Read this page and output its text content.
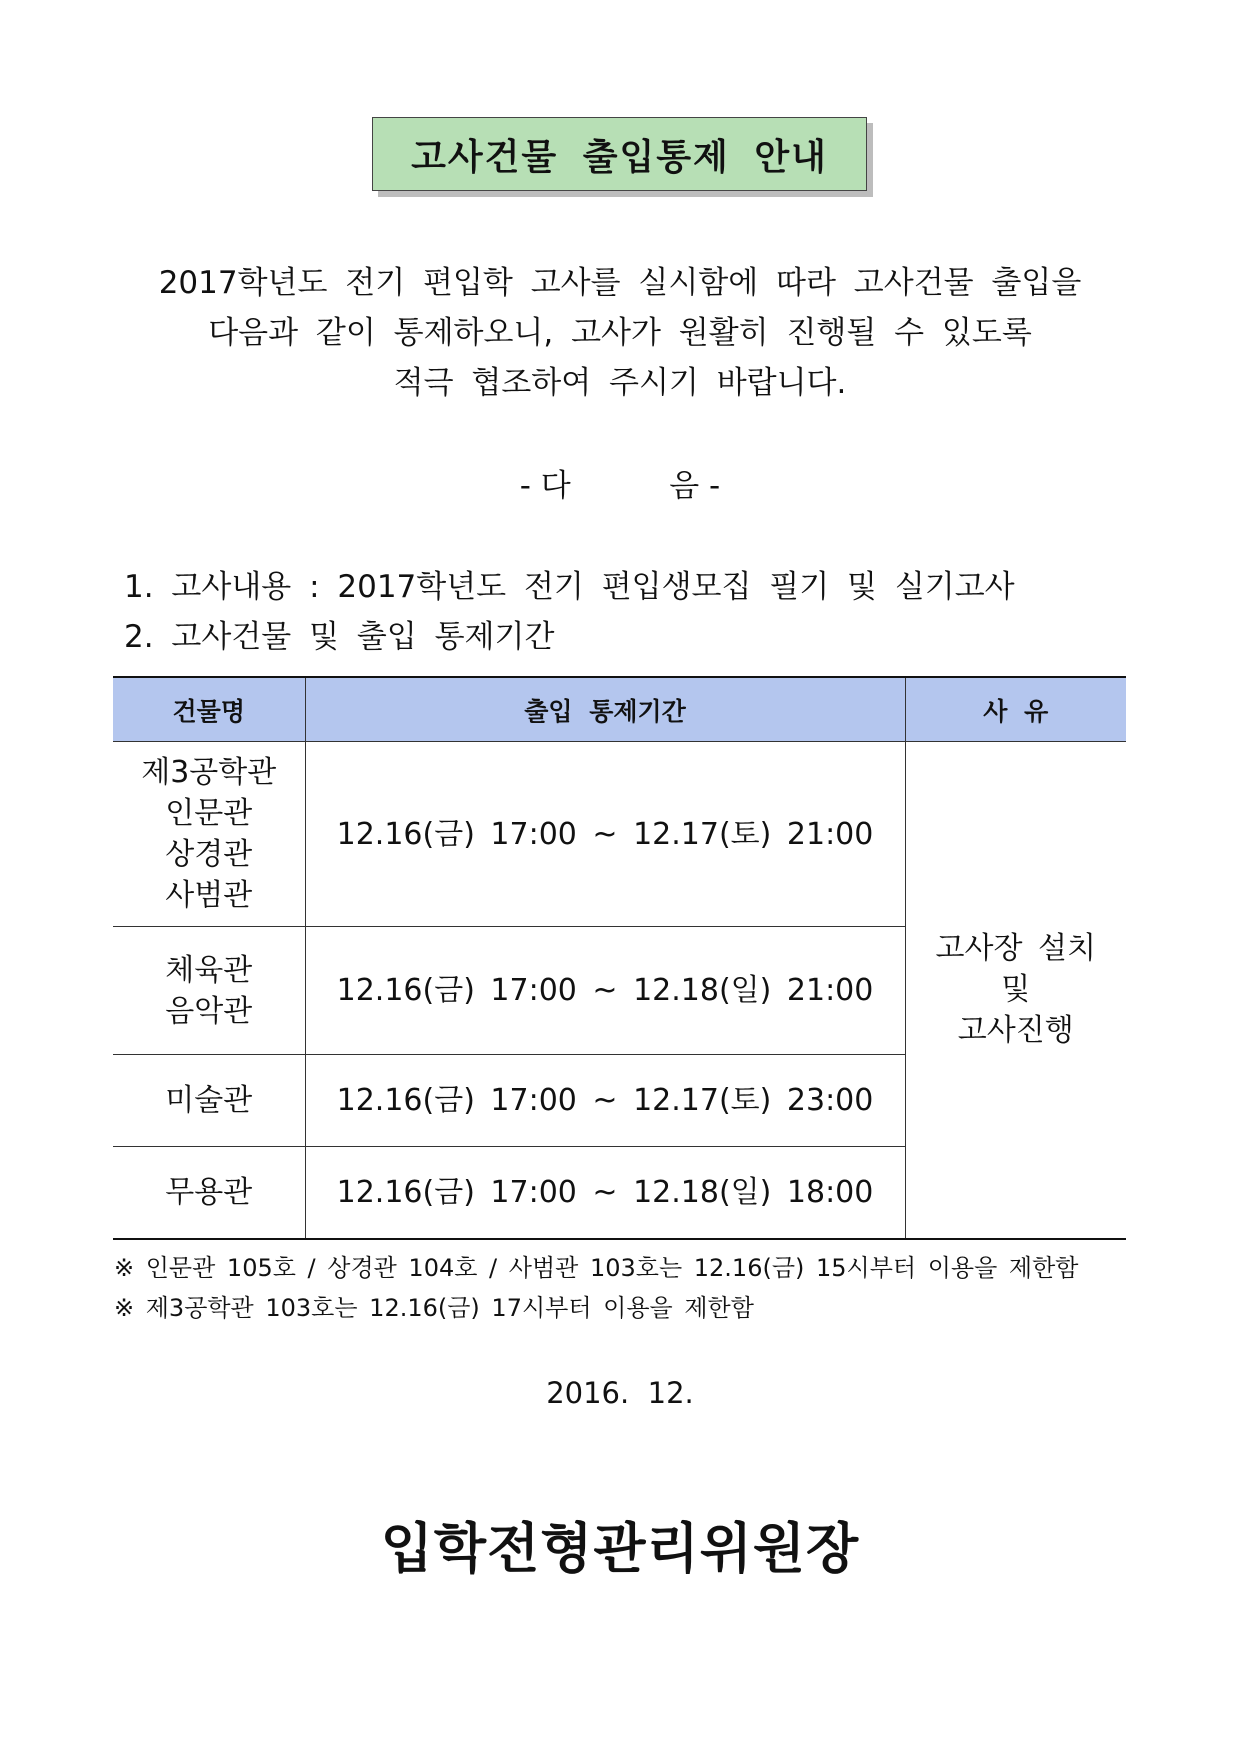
고사건물 출입통제 안내
2017학년도 전기 편입학 고사를 실시함에 따라 고사건물 출입을
다음과 같이 통제하오니, 고사가 원활히 진행될 수 있도록
적극 협조하여 주시기 바랍니다.
- 다          음 -
1. 고사내용 : 2017학년도 전기 편입생모집 필기 및 실기고사
2. 고사건물 및 출입 통제기간
건물명	출입 통제기간	사 유

제3공학관
인문관
상경관
사범관	12.16(금) 17:00 ~ 12.17(토) 21:00	고사장 설치
및
고사진행

체육관
음악관	12.16(금) 17:00 ~ 12.18(일) 21:00	

미술관	12.16(금) 17:00 ~ 12.17(토) 23:00	

무용관	12.16(금) 17:00 ~ 12.18(일) 18:00	
※ 인문관 105호 / 상경관 104호 / 사범관 103호는 12.16(금) 15시부터 이용을 제한함
※ 제3공학관 103호는 12.16(금) 17시부터 이용을 제한함
2016.  12.
입학전형관리위원장
